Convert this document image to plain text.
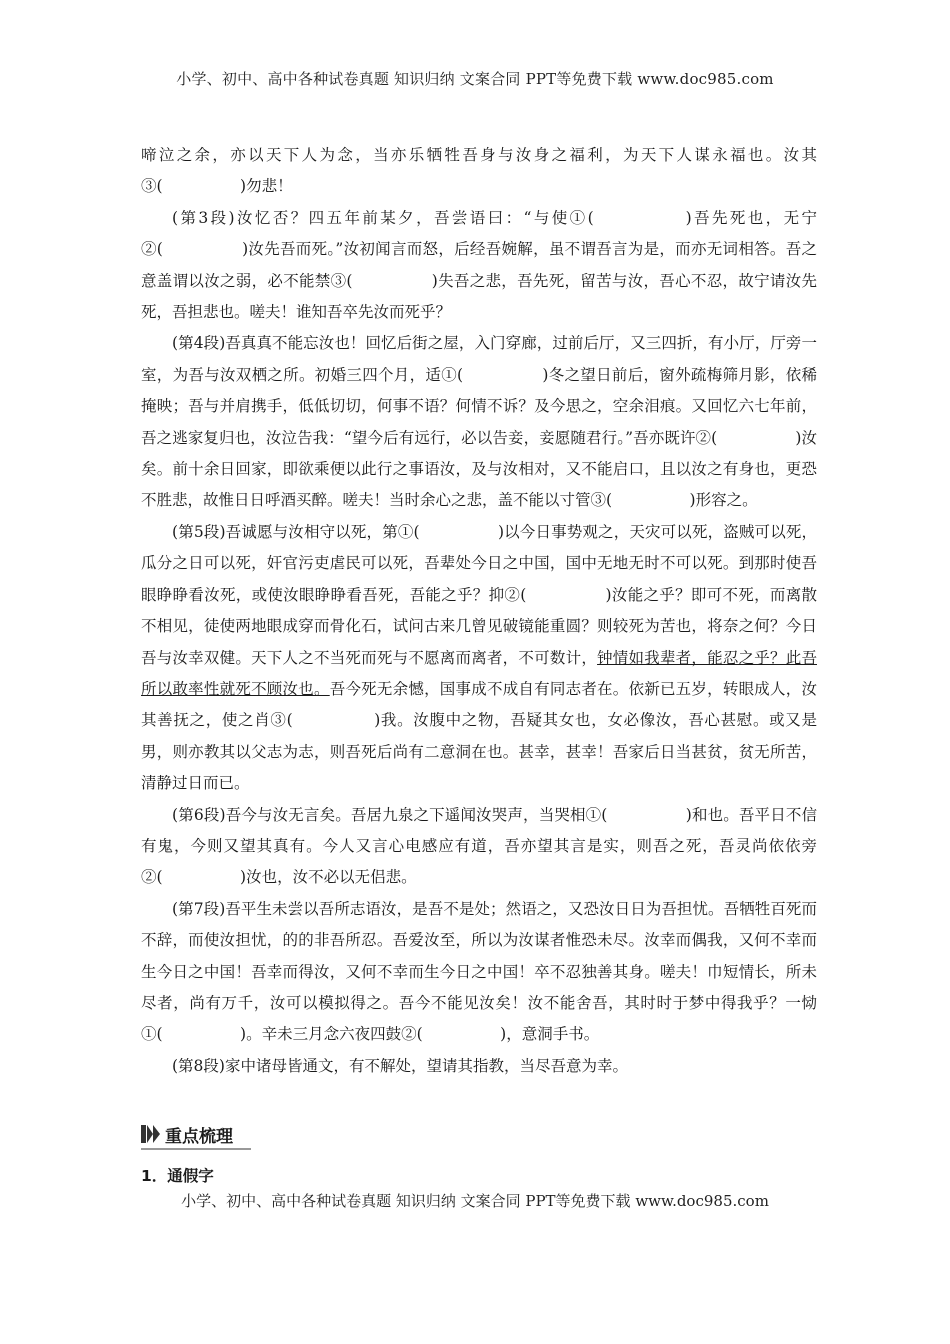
小学、初中、高中各种试卷真题 知识归纳 文案合同 PPT等免费下载 www.doc985.com

啼泣之余，亦以天下人为念，当亦乐牺牲吾身与汝身之福利，为天下人谋永福也。汝其③(　　　　　)勿悲！

(第3段)汝忆否？四五年前某夕，吾尝语曰：“与使①(　　　　　)吾先死也，无宁②(　　　　　)汝先吾而死。”汝初闻言而怒，后经吾婉解，虽不谓吾言为是，而亦无词相答。吾之意盖谓以汝之弱，必不能禁③(　　　　　)失吾之悲，吾先死，留苦与汝，吾心不忍，故宁请汝先死，吾担悲也。嗟夫！谁知吾卒先汝而死乎？

(第4段)吾真真不能忘汝也！回忆后街之屋，入门穿廊，过前后厅，又三四折，有小厅，厅旁一室，为吾与汝双栖之所。初婚三四个月，适①(　　　　　)冬之望日前后，窗外疏梅筛月影，依稀掩映；吾与并肩携手，低低切切，何事不语？何情不诉？及今思之，空余泪痕。又回忆六七年前，吾之逃家复归也，汝泣告我：“望今后有远行，必以告妾，妾愿随君行。”吾亦既许②(　　　　　)汝矣。前十余日回家，即欲乘便以此行之事语汝，及与汝相对，又不能启口，且以汝之有身也，更恐不胜悲，故惟日日呼酒买醉。嗟夫！当时余心之悲，盖不能以寸管③(　　　　　)形容之。

(第5段)吾诚愿与汝相守以死，第①(　　　　　)以今日事势观之，天灾可以死，盗贼可以死，瓜分之日可以死，奸官污吏虐民可以死，吾辈处今日之中国，国中无地无时不可以死。到那时使吾眼睁睁看汝死，或使汝眼睁睁看吾死，吾能之乎？抑②(　　　　　)汝能之乎？即可不死，而离散不相见，徒使两地眼成穿而骨化石，试问古来几曾见破镜能重圆？则较死为苦也，将奈之何？今日吾与汝幸双健。天下人之不当死而死与不愿离而离者，不可数计，钟情如我辈者，能忍之乎？此吾所以敢率性就死不顾汝也。吾今死无余憾，国事成不成自有同志者在。依新已五岁，转眼成人，汝其善抚之，使之肖③(　　　　　)我。汝腹中之物，吾疑其女也，女必像汝，吾心甚慰。或又是男，则亦教其以父志为志，则吾死后尚有二意洞在也。甚幸，甚幸！吾家后日当甚贫，贫无所苦，清静过日而已。

(第6段)吾今与汝无言矣。吾居九泉之下遥闻汝哭声，当哭相①(　　　　　)和也。吾平日不信有鬼，今则又望其真有。今人又言心电感应有道，吾亦望其言是实，则吾之死，吾灵尚依依旁②(　　　　　)汝也，汝不必以无侣悲。

(第7段)吾平生未尝以吾所志语汝，是吾不是处；然语之，又恐汝日日为吾担忧。吾牺牲百死而不辞，而使汝担忧，的的非吾所忍。吾爱汝至，所以为汝谋者惟恐未尽。汝幸而偶我，又何不幸而生今日之中国！吾幸而得汝，又何不幸而生今日之中国！卒不忍独善其身。嗟夫！巾短情长，所未尽者，尚有万千，汝可以模拟得之。吾今不能见汝矣！汝不能舍吾，其时时于梦中得我乎？一恸①(　　　　　)。辛未三月念六夜四鼓②(　　　　　)，意洞手书。

(第8段)家中诸母皆通文，有不解处，望请其指教，当尽吾意为幸。

重点梳理
1．通假字
小学、初中、高中各种试卷真题 知识归纳 文案合同 PPT等免费下载 www.doc985.com
